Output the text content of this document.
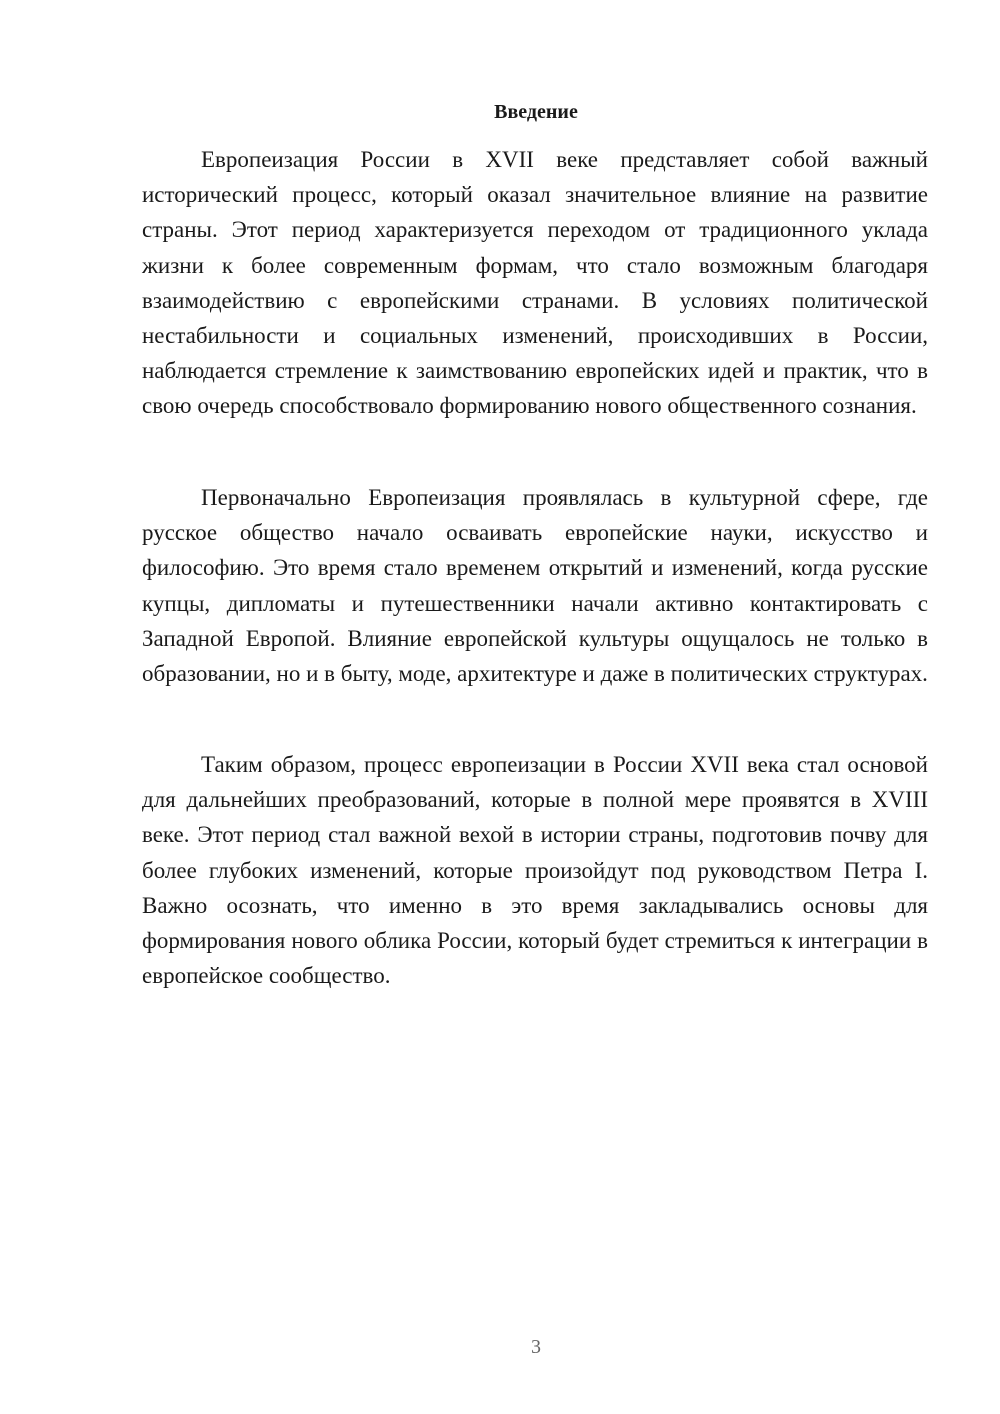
Введение

Европеизация России в XVII веке представляет собой важный исторический процесс, который оказал значительное влияние на развитие страны. Этот период характеризуется переходом от традиционного уклада жизни к более современным формам, что стало возможным благодаря взаимодействию с европейскими странами. В условиях политической нестабильности и социальных изменений, происходивших в России, наблюдается стремление к заимствованию европейских идей и практик, что в свою очередь способствовало формированию нового общественного сознания.

Первоначально Европеизация проявлялась в культурной сфере, где русское общество начало осваивать европейские науки, искусство и философию. Это время стало временем открытий и изменений, когда русские купцы, дипломаты и путешественники начали активно контактировать с Западной Европой. Влияние европейской культуры ощущалось не только в образовании, но и в быту, моде, архитектуре и даже в политических структурах.

Таким образом, процесс европеизации в России XVII века стал основой для дальнейших преобразований, которые в полной мере проявятся в XVIII веке. Этот период стал важной вехой в истории страны, подготовив почву для более глубоких изменений, которые произойдут под руководством Петра I. Важно осознать, что именно в это время закладывались основы для формирования нового облика России, который будет стремиться к интеграции в европейское сообщество.

3
